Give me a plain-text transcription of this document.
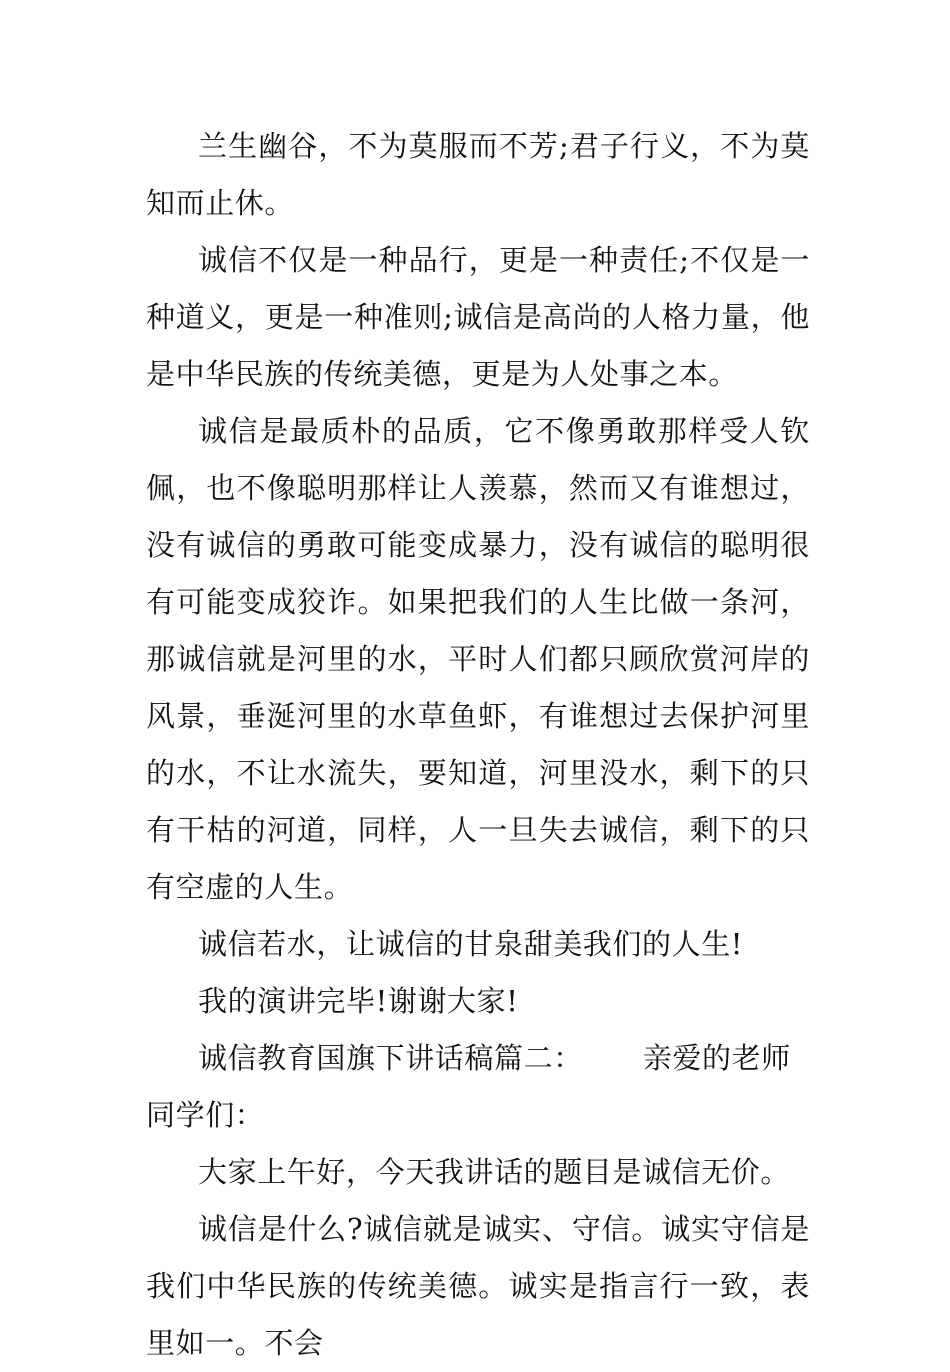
兰生幽谷，不为莫服而不芳;君子行义，不为莫知而止休。

诚信不仅是一种品行，更是一种责任;不仅是一种道义，更是一种准则;诚信是高尚的人格力量，他是中华民族的传统美德，更是为人处事之本。

诚信是最质朴的品质，它不像勇敢那样受人钦佩，也不像聪明那样让人羡慕，然而又有谁想过，没有诚信的勇敢可能变成暴力，没有诚信的聪明很有可能变成狡诈。如果把我们的人生比做一条河，那诚信就是河里的水，平时人们都只顾欣赏河岸的风景，垂涎河里的水草鱼虾，有谁想过去保护河里的水，不让水流失，要知道，河里没水，剩下的只有干枯的河道，同样，人一旦失去诚信，剩下的只有空虚的人生。

诚信若水，让诚信的甘泉甜美我们的人生!

我的演讲完毕!谢谢大家!

诚信教育国旗下讲话稿篇二： 亲爱的老师同学们：

大家上午好，今天我讲话的题目是诚信无价。

诚信是什么?诚信就是诚实、守信。诚实守信是我们中华民族的传统美德。诚实是指言行一致，表里如一。不会
